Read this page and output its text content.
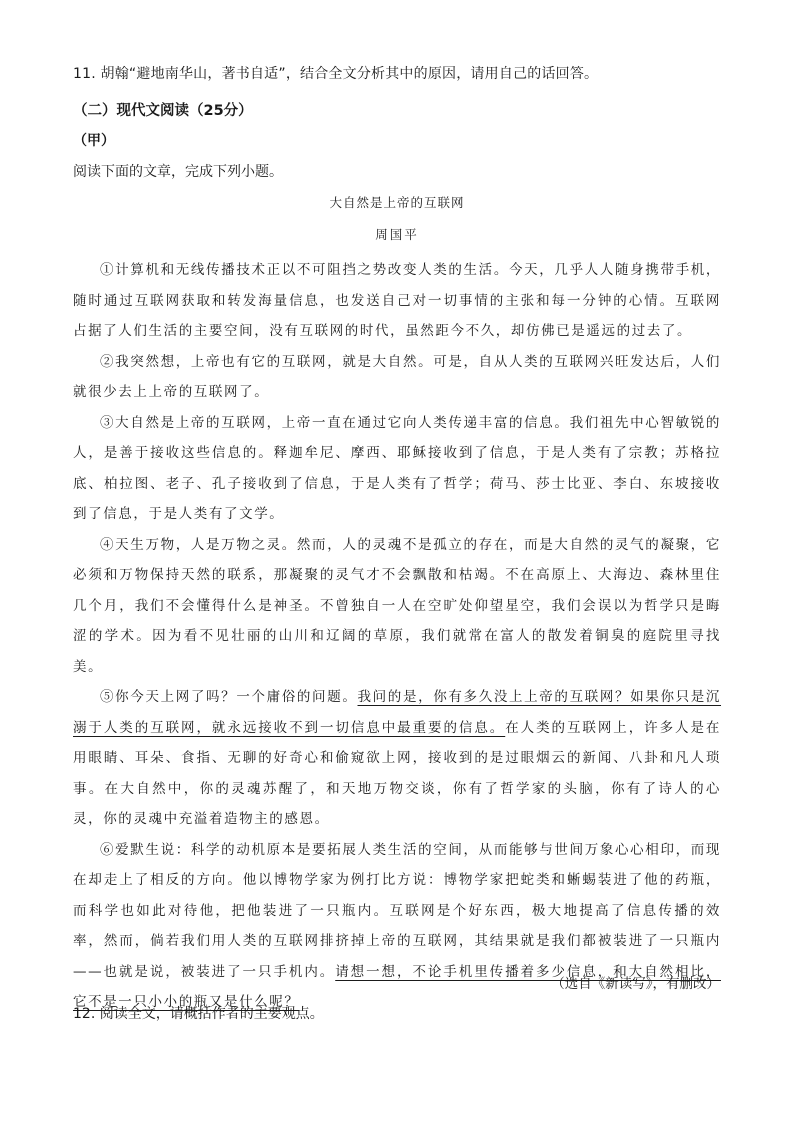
11. 胡翰“避地南华山，著书自适”，结合全文分析其中的原因，请用自己的话回答。
（二）现代文阅读（25分）
（甲）
阅读下面的文章，完成下列小题。
大自然是上帝的互联网
周国平

①计算机和无线传播技术正以不可阻挡之势改变人类的生活。今天，几乎人人随身携带手机，随时通过互联网获取和转发海量信息，也发送自己对一切事情的主张和每一分钟的心情。互联网占据了人们生活的主要空间，没有互联网的时代，虽然距今不久，却仿佛已是遥远的过去了。

②我突然想，上帝也有它的互联网，就是大自然。可是，自从人类的互联网兴旺发达后，人们就很少去上上帝的互联网了。

③大自然是上帝的互联网，上帝一直在通过它向人类传递丰富的信息。我们祖先中心智敏锐的人，是善于接收这些信息的。释迦牟尼、摩西、耶稣接收到了信息，于是人类有了宗教；苏格拉底、柏拉图、老子、孔子接收到了信息，于是人类有了哲学；荷马、莎士比亚、李白、东坡接收到了信息，于是人类有了文学。

④天生万物，人是万物之灵。然而，人的灵魂不是孤立的存在，而是大自然的灵气的凝聚，它必须和万物保持天然的联系，那凝聚的灵气才不会飘散和枯竭。不在高原上、大海边、森林里住几个月，我们不会懂得什么是神圣。不曾独自一人在空旷处仰望星空，我们会误以为哲学只是晦涩的学术。因为看不见壮丽的山川和辽阔的草原，我们就常在富人的散发着铜臭的庭院里寻找美。

⑤你今天上网了吗？一个庸俗的问题。我问的是，你有多久没上上帝的互联网？如果你只是沉溺于人类的互联网，就永远接收不到一切信息中最重要的信息。在人类的互联网上，许多人是在用眼睛、耳朵、食指、无聊的好奇心和偷窥欲上网，接收到的是过眼烟云的新闻、八卦和凡人琐事。在大自然中，你的灵魂苏醒了，和天地万物交谈，你有了哲学家的头脑，你有了诗人的心灵，你的灵魂中充溢着造物主的感恩。

⑥爱默生说：科学的动机原本是要拓展人类生活的空间，从而能够与世间万象心心相印，而现在却走上了相反的方向。他以博物学家为例打比方说：博物学家把蛇类和蜥蜴装进了他的药瓶，而科学也如此对待他，把他装进了一只瓶内。互联网是个好东西，极大地提高了信息传播的效率，然而，倘若我们用人类的互联网排挤掉上帝的互联网，其结果就是我们都被装进了一只瓶内——也就是说，被装进了一只手机内。请想一想，不论手机里传播着多少信息，和大自然相比，它不是一只小小的瓶又是什么呢？

（选自《新读写》，有删改）
12. 阅读全文，请概括作者的主要观点。
